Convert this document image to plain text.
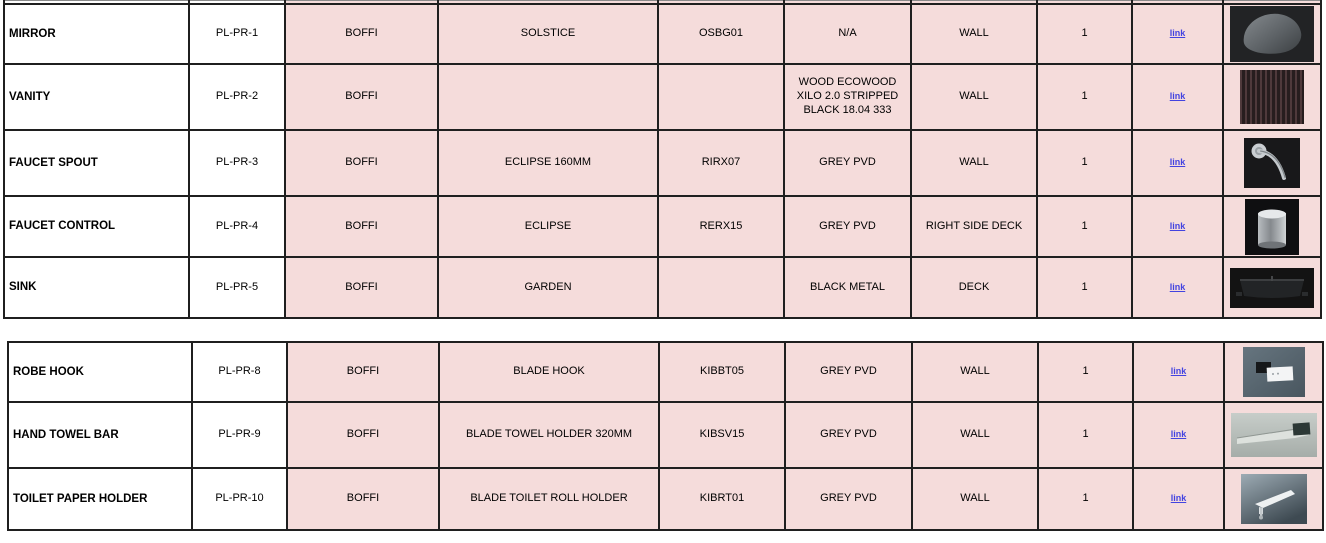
MIRROR	PL-PR-1	BOFFI	SOLSTICE	OSBG01	N/A	WALL	1	link	

VANITY	PL-PR-2	BOFFI			WOOD ECOWOOD XILO 2.0 STRIPPED BLACK 18.04 333	WALL	1	link	

FAUCET SPOUT	PL-PR-3	BOFFI	ECLIPSE 160MM	RIRX07	GREY PVD	WALL	1	link	

FAUCET CONTROL	PL-PR-4	BOFFI	ECLIPSE	RERX15	GREY PVD	RIGHT SIDE DECK	1	link	

SINK	PL-PR-5	BOFFI	GARDEN		BLACK METAL	DECK	1	link	
ROBE HOOK	PL-PR-8	BOFFI	BLADE HOOK	KIBBT05	GREY PVD	WALL	1	link	

HAND TOWEL BAR	PL-PR-9	BOFFI	BLADE TOWEL HOLDER 320MM	KIBSV15	GREY PVD	WALL	1	link	

TOILET PAPER HOLDER	PL-PR-10	BOFFI	BLADE TOILET ROLL HOLDER	KIBRT01	GREY PVD	WALL	1	link	
